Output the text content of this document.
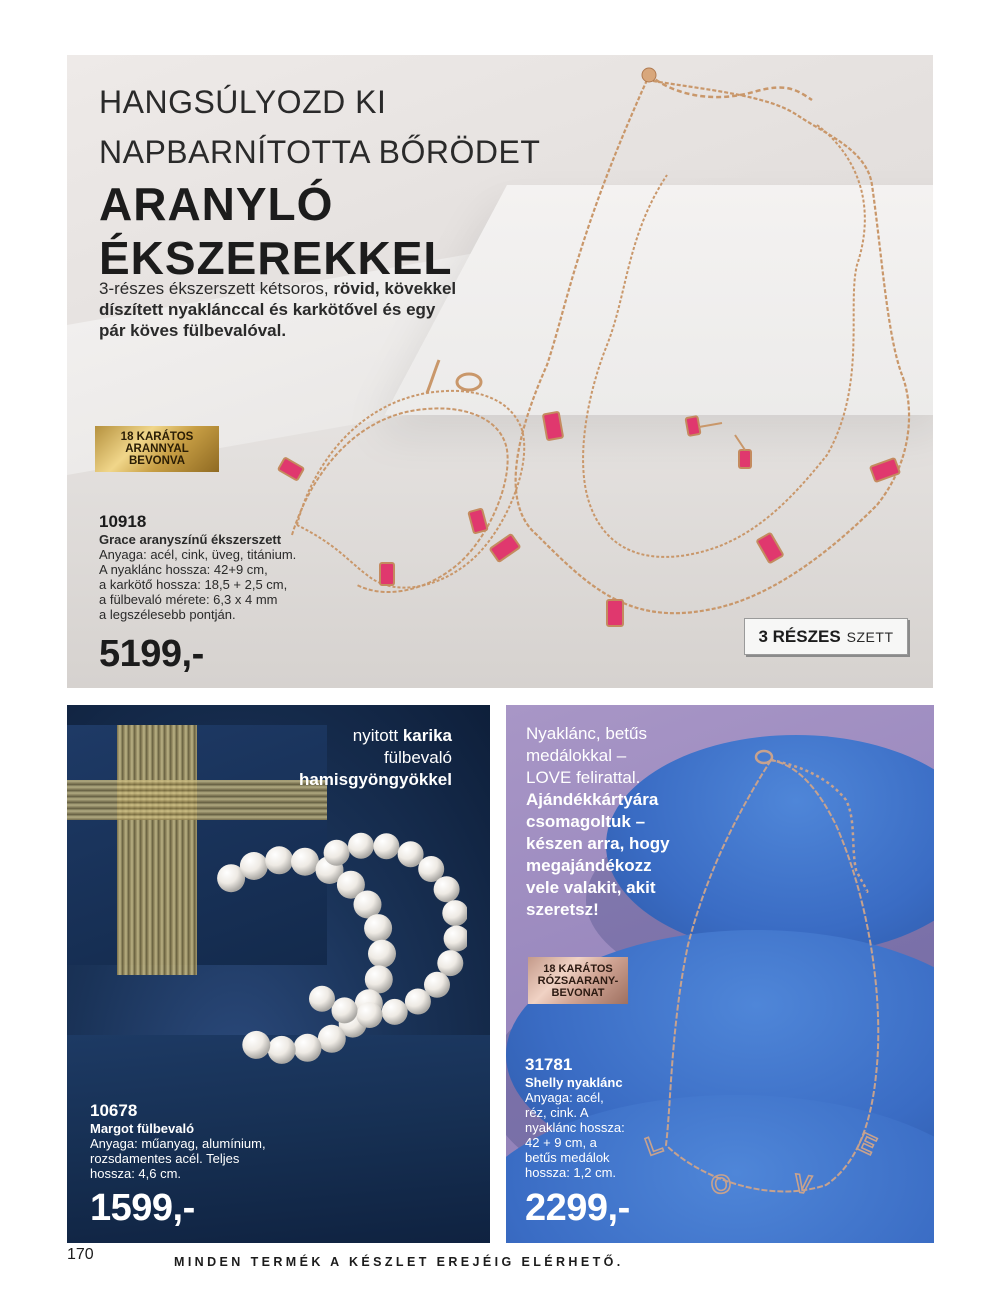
HANGSÚLYOZD KI
NAPBARNÍTOTTA BŐRÖDET
ARANYLÓ
ÉKSZEREKKEL

3-részes ékszerszett kétsoros, rövid, kövekkel díszített nyaklánccal és karkötővel és egy pár köves fülbevalóval.

18 KARÁTOS
ARANNYAL
BEVONVA
10918
Grace aranyszínű ékszerszett
Anyaga: acél, cink, üveg, titánium.
A nyaklánc hossza: 42+9 cm,
a karkötő hossza: 18,5 + 2,5 cm,
a fülbevaló mérete: 6,3 x 4 mm
a legszélesebb pontján.
5199,-	3 RÉSZES SZETT
nyitott karika
fülbevaló
hamisgyöngyökkel
10678
Margot fülbevaló
Anyaga: műanyag, alumínium,
rozsdamentes acél. Teljes
hossza: 4,6 cm.
1599,-
L
O V
E
Nyaklánc, betűs
medálokkal –
LOVE felirattal.
Ajándékkártyára
csomagoltuk –
készen arra, hogy
megajándékozz
vele valakit, akit
szeretsz!
18 KARÁTOS
RÓZSAARANY-
BEVONAT
31781
Shelly nyaklánc
Anyaga: acél,
réz, cink. A
nyaklánc hossza:
42 + 9 cm, a
betűs medálok
hossza: 1,2 cm.
2299,-
170	MINDEN TERMÉK A KÉSZLET EREJÉIG ELÉRHETŐ.
